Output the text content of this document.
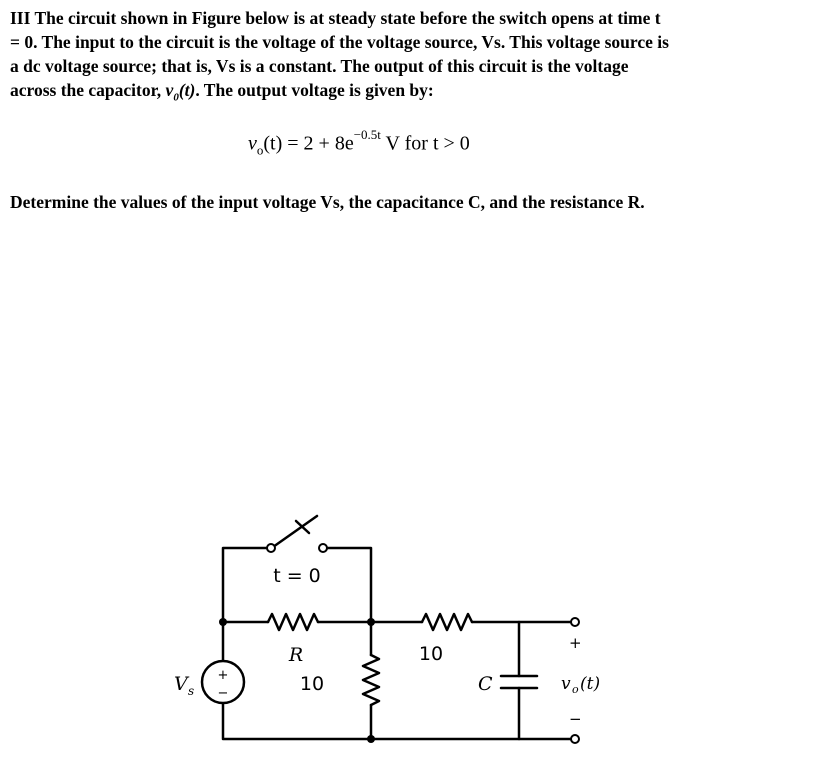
III The circuit shown in Figure below is at steady state before the switch opens at time t
= 0. The input to the circuit is the voltage of the voltage source, Vs. This voltage source is
a dc voltage source; that is, Vs is a constant. The output of this circuit is the voltage
across the capacitor, $v_0(t)$. The output voltage is given by:
$v_o(t) = 2 + 8e^{-0.5t}$ V for t > 0
Determine the values of the input voltage Vs, the capacitance C, and the resistance R.
+
−
t = 0
R
10
10
C
V s
+
−
v o (t)
